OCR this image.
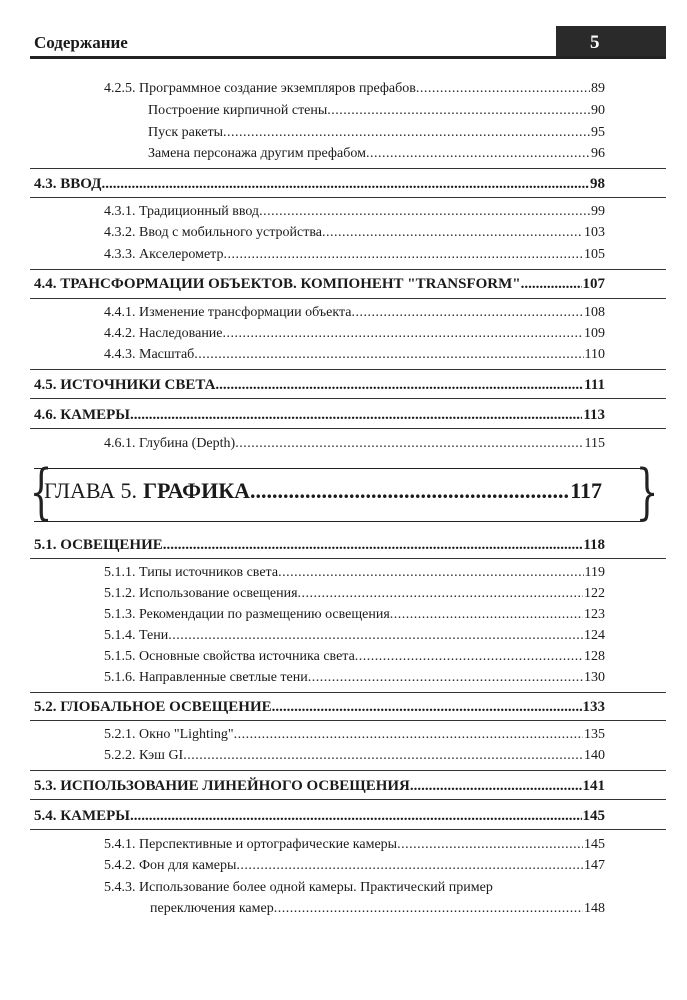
Содержание	5
4.2.5. Программное создание экземпляров префабов .....	89
Построение кирпичной стены .....	90
Пуск ракеты .....	95
Замена персонажа другим префабом .....	96
4.3. ВВОД .....	98
4.3.1. Традиционный ввод .....	99
4.3.2. Ввод с мобильного устройства .....	103
4.3.3. Акселерометр .....	105
4.4. ТРАНСФОРМАЦИИ ОБЪЕКТОВ. КОМПОНЕНТ "TRANSFORM" .....	107
4.4.1. Изменение трансформации объекта .....	108
4.4.2. Наследование .....	109
4.4.3. Масштаб .....	110
4.5. ИСТОЧНИКИ СВЕТА .....	111
4.6. КАМЕРЫ .....	113
4.6.1. Глубина (Depth) .....	115
{	}
ГЛАВА 5. ГРАФИКА .....	117
5.1. ОСВЕЩЕНИЕ .....	118
5.1.1. Типы источников света .....	119
5.1.2. Использование освещения .....	122
5.1.3. Рекомендации по размещению освещения .....	123
5.1.4. Тени .....	124
5.1.5. Основные свойства источника света .....	128
5.1.6. Направленные светлые тени .....	130
5.2. ГЛОБАЛЬНОЕ ОСВЕЩЕНИЕ .....	133
5.2.1. Окно "Lighting" .....	135
5.2.2. Кэш GI .....	140
5.3. ИСПОЛЬЗОВАНИЕ ЛИНЕЙНОГО ОСВЕЩЕНИЯ .....	141
5.4. КАМЕРЫ .....	145
5.4.1. Перспективные и ортографические камеры .....	145
5.4.2. Фон для камеры .....	147
5.4.3. Использование более одной камеры. Практический пример
переключения камер .....	148
